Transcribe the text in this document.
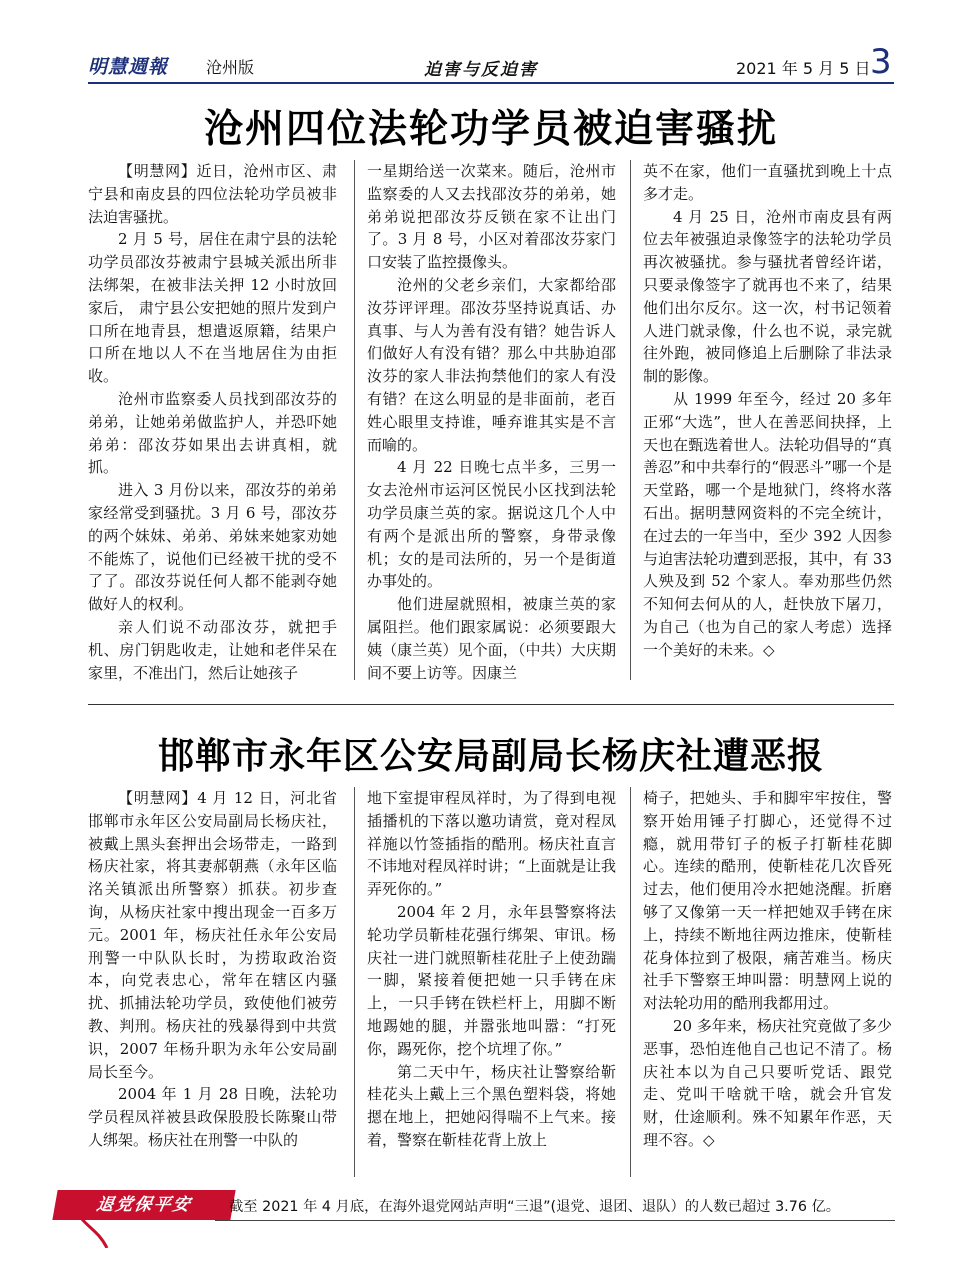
明慧週報 沧州版	迫害与反迫害	2021 年 5 月 5 日 3
沧州四位法轮功学员被迫害骚扰

【明慧网】近日，沧州市区、肃宁县和南皮县的四位法轮功学员被非法迫害骚扰。

2 月 5 号，居住在肃宁县的法轮功学员邵汝芬被肃宁县城关派出所非法绑架，在被非法关押 12 小时放回家后， 肃宁县公安把她的照片发到户口所在地青县，想遣返原籍，结果户口所在地以人不在当地居住为由拒收。

沧州市监察委人员找到邵汝芬的弟弟，让她弟弟做监护人，并恐吓她弟弟：邵汝芬如果出去讲真相，就抓。

进入 3 月份以来，邵汝芬的弟弟家经常受到骚扰。3 月 6 号，邵汝芬的两个妹妹、弟弟、弟妹来她家劝她不能炼了，说他们已经被干扰的受不了了。邵汝芬说任何人都不能剥夺她做好人的权利。

亲人们说不动邵汝芬，就把手机、房门钥匙收走，让她和老伴呆在家里，不准出门，然后让她孩子

一星期给送一次菜来。随后，沧州市监察委的人又去找邵汝芬的弟弟，她弟弟说把邵汝芬反锁在家不让出门了。3 月 8 号，小区对着邵汝芬家门口安装了监控摄像头。

沧州的父老乡亲们，大家都给邵汝芬评评理。邵汝芬坚持说真话、办真事、与人为善有没有错？她告诉人们做好人有没有错？那么中共胁迫邵汝芬的家人非法拘禁他们的家人有没有错？在这么明显的是非面前，老百姓心眼里支持谁，唾弃谁其实是不言而喻的。

4 月 22 日晚七点半多，三男一女去沧州市运河区悦民小区找到法轮功学员康兰英的家。据说这几个人中有两个是派出所的警察，身带录像机；女的是司法所的，另一个是街道办事处的。

他们进屋就照相，被康兰英的家属阻拦。他们跟家属说：必须要跟大姨（康兰英）见个面，（中共）大庆期间不要上访等。因康兰

英不在家，他们一直骚扰到晚上十点多才走。

4 月 25 日，沧州市南皮县有两位去年被强迫录像签字的法轮功学员再次被骚扰。参与骚扰者曾经许诺，只要录像签字了就再也不来了，结果他们出尔反尔。这一次，村书记领着人进门就录像，什么也不说，录完就往外跑，被同修追上后删除了非法录制的影像。

从 1999 年至今，经过 20 多年正邪“大选”，世人在善恶间抉择，上天也在甄选着世人。法轮功倡导的“真善忍”和中共奉行的“假恶斗”哪一个是天堂路，哪一个是地狱门，终将水落石出。据明慧网资料的不完全统计，在过去的一年当中，至少 392 人因参与迫害法轮功遭到恶报，其中，有 33 人殃及到 52 个家人。奉劝那些仍然不知何去何从的人，赶快放下屠刀，为自己（也为自己的家人考虑）选择一个美好的未来。◇

邯郸市永年区公安局副局长杨庆社遭恶报

【明慧网】4 月 12 日，河北省邯郸市永年区公安局副局长杨庆社，被戴上黑头套押出会场带走，一路到杨庆社家，将其妻郝朝燕（永年区临洺关镇派出所警察）抓获。初步查询，从杨庆社家中搜出现金一百多万元。2001 年，杨庆社任永年公安局刑警一中队队长时，为捞取政治资本，向党表忠心，常年在辖区内骚扰、抓捕法轮功学员，致使他们被劳教、判刑。杨庆社的残暴得到中共赏识，2007 年杨升职为永年公安局副局长至今。

2004 年 1 月 28 日晚，法轮功学员程凤祥被县政保股股长陈聚山带人绑架。杨庆社在刑警一中队的

地下室提审程凤祥时，为了得到电视插播机的下落以邀功请赏，竟对程凤祥施以竹签插指的酷刑。杨庆社直言不讳地对程凤祥时讲；“上面就是让我弄死你的。”

2004 年 2 月，永年县警察将法轮功学员靳桂花强行绑架、审讯。杨庆社一进门就照靳桂花肚子上使劲踹一脚，紧接着便把她一只手铐在床上，一只手铐在铁栏杆上，用脚不断地踢她的腿，并嚣张地叫嚣：“打死你，踢死你，挖个坑埋了你。”

第二天中午，杨庆社让警察给靳桂花头上戴上三个黑色塑料袋，将她摁在地上，把她闷得喘不上气来。接着，警察在靳桂花背上放上

椅子，把她头、手和脚牢牢按住，警察开始用锤子打脚心，还觉得不过瘾，就用带钉子的板子打靳桂花脚心。连续的酷刑，使靳桂花几次昏死过去，他们便用冷水把她浇醒。折磨够了又像第一天一样把她双手铐在床上，持续不断地往两边推床，使靳桂花身体拉到了极限，痛苦难当。杨庆社手下警察王坤叫嚣：明慧网上说的对法轮功用的酷刑我都用过。

20 多年来，杨庆社究竟做了多少恶事，恐怕连他自己也记不清了。杨庆社本以为自己只要听党话、跟党走、党叫干啥就干啥，就会升官发财，仕途顺利。殊不知累年作恶，天理不容。◇

退党保平安	截至 2021 年 4 月底，在海外退党网站声明“三退”(退党、退团、退队）的人数已超过 3.76 亿。
